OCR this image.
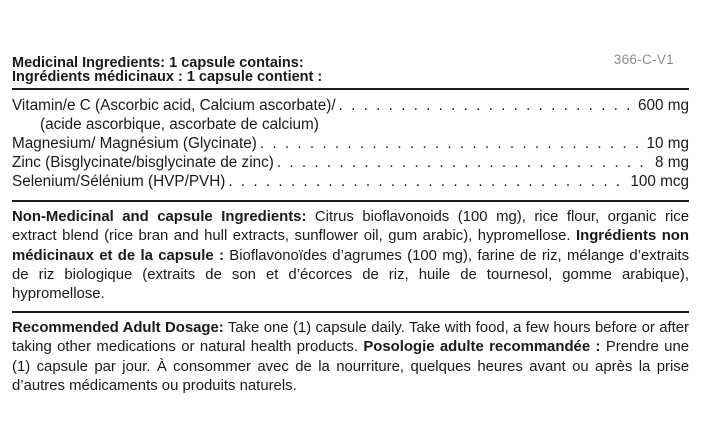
366-C-V1
Medicinal Ingredients: 1 capsule contains:
Ingrédients médicinaux : 1 capsule contient :
Vitamin/e C (Ascorbic acid, Calcium ascorbate)/ . . .	600 mg
(acide ascorbique, ascorbate de calcium)
Magnesium/ Magnésium (Glycinate) . . .	10 mg
Zinc (Bisglycinate/bisglycinate de zinc) . . .	8 mg
Selenium/Sélénium (HVP/PVH) . . .	100 mcg
Non-Medicinal and capsule Ingredients: Citrus bioflavonoids (100 mg), rice flour, organic rice extract blend (rice bran and hull extracts, sunflower oil, gum arabic), hypromellose. Ingrédients non médicinaux et de la capsule : Bioflavonoïdes d’agrumes (100 mg), farine de riz, mélange d’extraits de riz biologique (extraits de son et d’écorces de riz, huile de tournesol, gomme arabique), hypromellose.
Recommended Adult Dosage: Take one (1) capsule daily. Take with food, a few hours before or after taking other medications or natural health products. Posologie adulte recommandée : Prendre une (1) capsule par jour. À consommer avec de la nourriture, quelques heures avant ou après la prise d’autres médicaments ou produits naturels.
